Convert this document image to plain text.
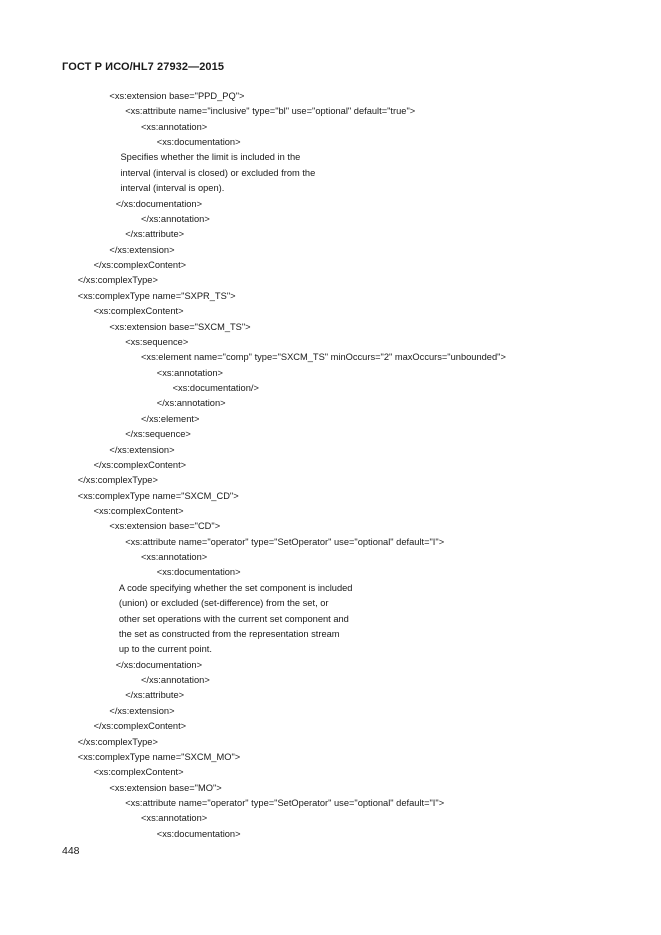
ГОСТ Р ИСО/HL7 27932—2015
<xs:extension base="PPD_PQ">
<xs:attribute name="inclusive" type="bl" use="optional" default="true">
<xs:annotation>
<xs:documentation>
Specifies whether the limit is included in the
interval (interval is closed) or excluded from the
interval (interval is open).
</xs:documentation>
</xs:annotation>
</xs:attribute>
</xs:extension>
</xs:complexContent>
</xs:complexType>
<xs:complexType name="SXPR_TS">
<xs:complexContent>
<xs:extension base="SXCM_TS">
<xs:sequence>
<xs:element name="comp" type="SXCM_TS" minOccurs="2" maxOccurs="unbounded">
<xs:annotation>
<xs:documentation/>
</xs:annotation>
</xs:element>
</xs:sequence>
</xs:extension>
</xs:complexContent>
</xs:complexType>
<xs:complexType name="SXCM_CD">
<xs:complexContent>
<xs:extension base="CD">
<xs:attribute name="operator" type="SetOperator" use="optional" default="I">
<xs:annotation>
<xs:documentation>
A code specifying whether the set component is included
(union) or excluded (set-difference) from the set, or
other set operations with the current set component and
the set as constructed from the representation stream
up to the current point.
</xs:documentation>
</xs:annotation>
</xs:attribute>
</xs:extension>
</xs:complexContent>
</xs:complexType>
<xs:complexType name="SXCM_MO">
<xs:complexContent>
<xs:extension base="MO">
<xs:attribute name="operator" type="SetOperator" use="optional" default="I">
<xs:annotation>
<xs:documentation>
448
